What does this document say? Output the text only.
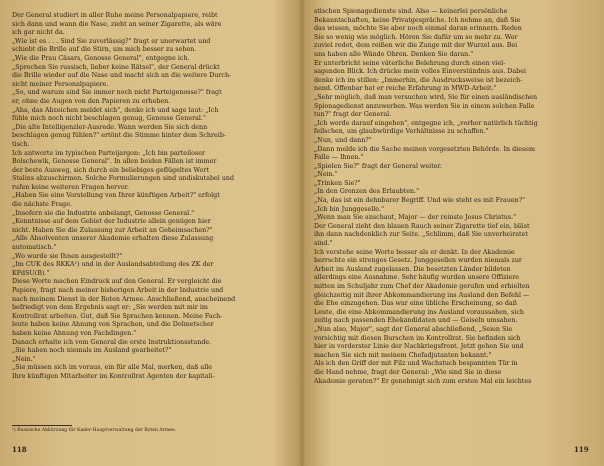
Der General studiert in aller Ruhe meine Personalpapiere, reibt
sich dann und wann die Nase, zieht an seiner Zigarette, als wäre
ich gar nicht da.
„Wie ist es . . . Sind Sie zuverlässig?" fragt er unerwartet und
schiebt die Brille auf die Stirn, um mich besser zu sehen.
„Wie die Prau Cäsars, Genosse General", entgegne ich.
„Sprechen Sie russisch, lieber keine Rätsel", der General drückt
die Brille wieder auf die Nase und macht sich an die weitere Durch-
sicht meiner Personalpapiere.
„So, und warum sind Sie immer noch nicht Parteigenosse?" fragt
er, ohne die Augen von den Papieren zu erheben.
„Aha, das Abzeichen meldet sich", denke ich und sage laut: „Ich
fühle mich noch nicht beschlagen genug, Genosse General."
„Die alte Intelligenzler-Ausrede. Wann werden Sie sich denn
beschlagen genug fühlen?" ertönt die Stimme hinter dem Schreib-
tisch.
Ich antworte im typischen Parteijargon: „Ich bin parteiloser
Bolschewik, Genosse General". In allen beiden Fällen ist immer
der beste Ausweg, sich durch ein beliebiges geflügeltes Wort
Stalins abzuschirmen. Solche Formulierungen sind undiskutabel und
rufen keine weiteren Fragen hervor.
„Haben Sie eine Vorstellung von Ihrer künftigen Arbeit?" erfolgt
die nächste Frage.
„Insofern sie die Industrie anbelangt, Genosse General."
„Kenntnisse auf dem Gebiet der Industrie allein genügen hier
nicht. Haben Sie die Zulassung zur Arbeit an Geheimsachen?"
„Alle Absolventen unserer Akademie erhalten diese Zulassung
automatisch."
„Wo wurde sie Ihnen ausgestellt?"
„Im CUK des RKKA¹) und in der Auslandsabteilung des ZK der
KPdSU(B)."
Diese Worte machen Eindruck auf den General. Er vergleicht die
Papiere, fragt nach meiner bisherigen Arbeit in der Industrie und
nach meinem Dienst in der Roten Armee. Anschließend, anscheinend
befriedigt von dem Ergebnis sagt er: „Sie werden mit mir im
Kontrollrat arbeiten. Gut, daß Sie Sprachen kennen. Meine Fach-
leute haben keine Ahnung von Sprachen, und die Dolmetscher
haben keine Ahnung von Fachdingen."
Danach erhalte ich vom General die erste Instruktionsstunde.
„Sie haben noch niemals im Ausland gearbeitet?"
„Nein."
„Sie müssen sich im voraus, ein für alle Mal, merken, daß alle
Ihre künftigen Mitarbeiter im Kontrollrat Agenten der kapitali-
¹) Russische Abkürzung für Kader-Hauptverwaltung der Roten Armee.
118
stischen Spionagedienste sind. Also — keinerlei persönliche
Bekanntschaften, keine Privatgespräche. Ich nehme an, daß Sie
das wissen, möchte Sie aber noch einmal daran erinnern. Reden
Sie so wenig wie möglich. Hören Sie dafür um so mehr zu. Wer
zuviel redet, dem reißen wir die Zunge mit der Wurzel aus. Bei
uns haben alle Wände Ohren. Denken Sie daran."
Er unterbricht seine väterliche Belehrung durch einen viel-
sagenden Blick. Ich drücke mein volles Einverständnis aus. Dabei
denke ich im stillen: „Immerhin, die Ausdrucksweise ist bezeich-
nend. Offenbar hat er reiche Erfahrung in MWD-Arbeit."
„Sehr möglich, daß man versuchen wird, Sie für einen ausländischen
Spionagedienst anzuwerben. Was werden Sie in einem solchen Falle
tun?" fragt der General.
„Ich werde darauf eingehen", entgegne ich, „vorher natürlich tüchtig
feilschen, um glaubwürdige Verhältnisse zu schaffen."
„Nun, und dann?"
„Dann melde ich die Sache meinen vorgesetzten Behörde. In diesem
Falle — Ihnen."
„Spielen Sie?" fragt der General weiter.
„Nein."
„Trinken Sie?"
„In den Grenzen des Erlaubten."
„Na, das ist ein dehnbarer Begriff. Und wie steht es mit Frauen?"
„Ich bin Junggeselle."
„Wenn man Sie anschaut, Major — der reinste Jesus Christus."
Der General zieht den blauen Rauch seiner Zigarette tief ein, bläst
ihn dann nachdenklich zur Seite. „Schlimm, daß Sie unverheiratet
sind."
Ich verstehe seine Worte besser als er denkt. In der Akademie
herrschte ein strenges Gesetz. Junggesellen wurden niemals zur
Arbeit im Ausland zugelassen. Die besetzten Länder bildeten
allerdings eine Ausnahme. Sehr häufig wurden unsere Offiziere
mitten im Schuljahr zum Chef der Akademie gerufen und erhielten
gleichzeitig mit ihrer Abkommandierung ins Ausland den Befehl —
die Ehe einzugehen. Das war eine übliche Erscheinung, so daß
Leute, die eine Abkommandierung ins Ausland voraussahen, sich
zeitig nach passenden Ehekandidaten und — Geiseln umsahen.
„Nun also, Major", sagt der General abschließend, „Seien Sie
vorsichtig mit diesen Burschen im Kontrollrat. Sie befinden sich
hier in vorderster Linie der Nachkriegsfront. Jetzt gehen Sie und
machen Sie sich mit meinem Chefadjutanten bekannt."
Als ich den Griff der mit Filz und Wachstuch bespannten Tür in
die Hand nehme, fragt der General: „Wie sind Sie in diese
Akademie geraten?" Er genehmigt sich zum ersten Mal ein leichtes
119
